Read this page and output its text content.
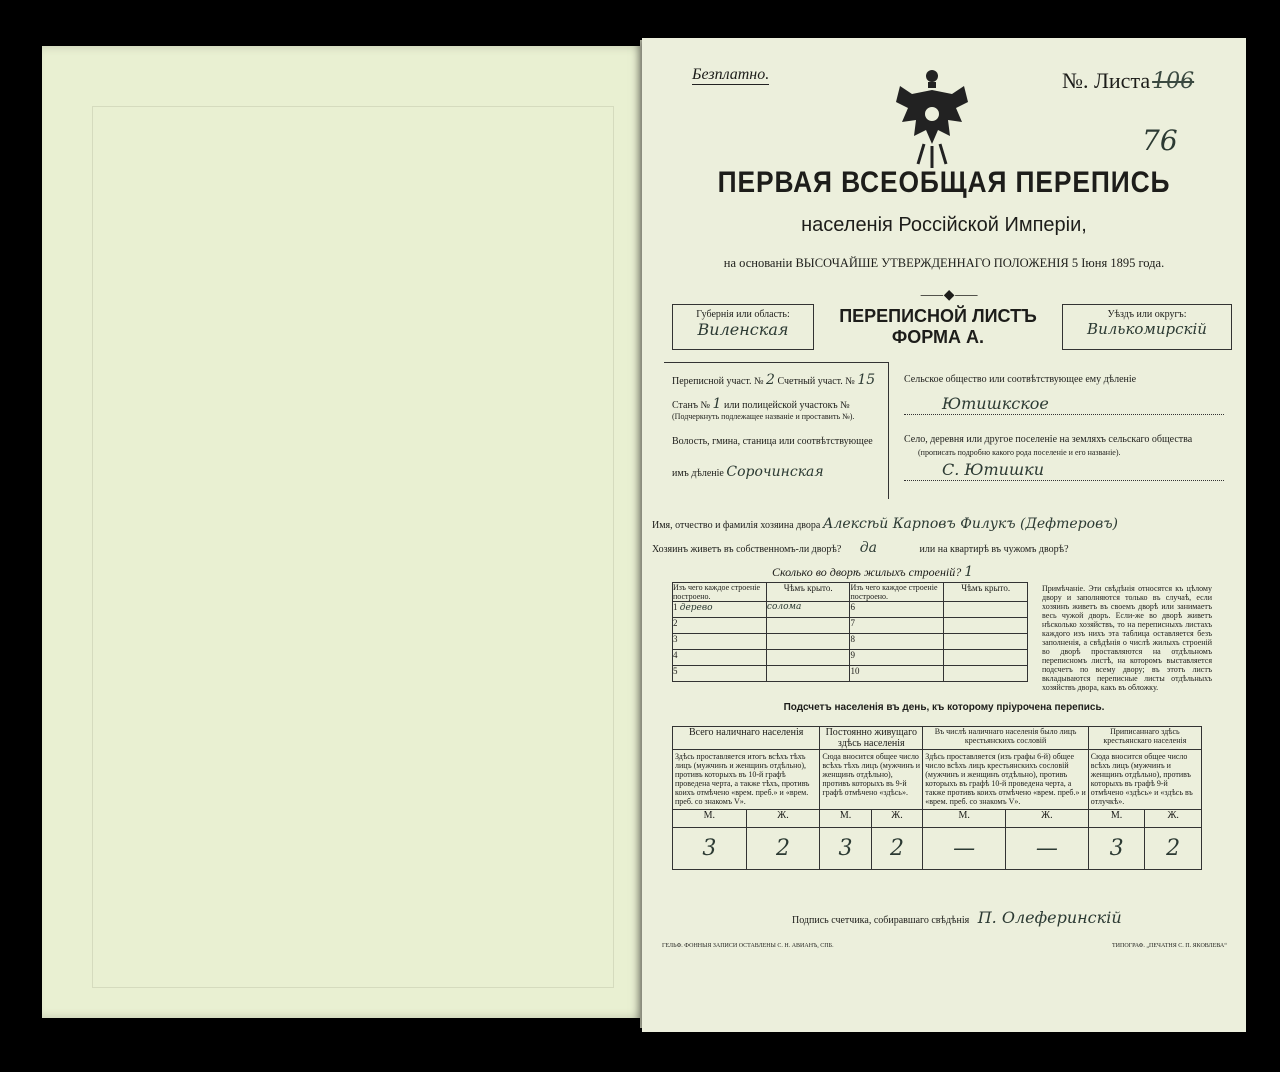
Безплатно.	№. Листа106
76
ПЕРВАЯ ВСЕОБЩАЯ ПЕРЕПИСЬ
населенія Россійской Имперіи,
на основаніи ВЫСОЧАЙШЕ УТВЕРЖДЕННАГО ПОЛОЖЕНІЯ 5 Іюня 1895 года.
⸺◆⸺
Губернія или область:
Виленская
ПЕРЕПИСНОЙ ЛИСТЪ
ФОРМА А.
Уѣздъ или округъ:
Вилькомирскій
Переписной участ. № 2 Счетный участ. № 15
Станъ № 1 или полицейской участокъ №
(Подчеркнуть подлежащее названіе и проставить №).
Волость, гмина, станица или соотвѣтствующее
имъ дѣленіе Сорочинская
Сельское общество или соотвѣтствующее ему дѣленіе
Ютишкское
Село, деревня или другое поселеніе на земляхъ сельскаго общества
(прописать подробно какого рода поселеніе и его названіе).
С. Ютишки
Имя, отчество и фамилія хозяина двора Алексѣй Карповъ Филукъ (Дефтеровъ)
Хозяинъ живетъ въ собственномъ-ли дворѣ? да	или на квартирѣ въ чужомъ дворѣ?
Сколько во дворѣ жилыхъ строеній? 1
Изъ чего каждое строеніе построено.	Чѣмъ крыто.	Изъ чего каждое строеніе построено.	Чѣмъ крыто.
1 дерево	солома	6	
2		7	
3		8	
4		9	
5		10	
Примѣчаніе. Эти свѣдѣнія относятся къ цѣлому двору и заполняются только въ случаѣ, если хозяинъ живетъ въ своемъ дворѣ или занимаетъ весь чужой дворъ. Если-же во дворѣ живетъ нѣсколько хозяйствъ, то на переписныхъ листахъ каждого изъ нихъ эта таблица оставляется безъ заполненія, а свѣдѣнія о числѣ жилыхъ строеній во дворѣ проставляются на отдѣльномъ переписномъ листѣ, на которомъ выставляется подсчетъ по всему двору; въ этотъ листъ вкладываются переписные листы отдѣльныхъ хозяйствъ двора, какъ въ обложку.
Подсчетъ населенія въ день, къ которому пріурочена перепись.
Всего наличнаго населенія		Постоянно живущаго здѣсь населенія		Въ числѣ наличнаго населенія было лицъ крестьянскихъ сословій		Приписаннаго здѣсь крестьянскаго населенія	
Здѣсь проставляется итогъ всѣхъ тѣхъ лицъ (мужчинъ и женщинъ отдѣльно), противъ которыхъ въ 10-й графѣ проведена черта, а также тѣхъ, противъ коихъ отмѣчено «врем. преб.» и «врем. преб. со знакомъ V».		Сюда вносится общее число всѣхъ тѣхъ лицъ (мужчинъ и женщинъ отдѣльно), противъ которыхъ въ 9-й графѣ отмѣчено «здѣсь».		Здѣсь проставляется (изъ графы 6-й) общее число всѣхъ лицъ крестьянскихъ сословій (мужчинъ и женщинъ отдѣльно), противъ которыхъ въ графѣ 10-й проведена черта, а также противъ коихъ отмѣчено «врем. преб.» и «врем. преб. со знакомъ V».		Сюда вносится общее число всѣхъ лицъ (мужчинъ и женщинъ отдѣльно), противъ которыхъ въ графѣ 9-й отмѣчено «здѣсь» и «здѣсь въ отлучкѣ».	
М.	Ж.	М.	Ж.	М.	Ж.	М.	Ж.
3	2	3	2	—	—	3	2
Подпись счетчика, собиравшаго свѣдѣнія П. Олеферинскій
ГЕЛЬФ. ФОННЫЯ ЗАПИСИ ОСТАВЛЕНЫ С. Н. АВИАНЪ, СПБ.	ТИПОГРАФ. „ПЕЧАТНЯ С. П. ЯКОВЛЕВА“
